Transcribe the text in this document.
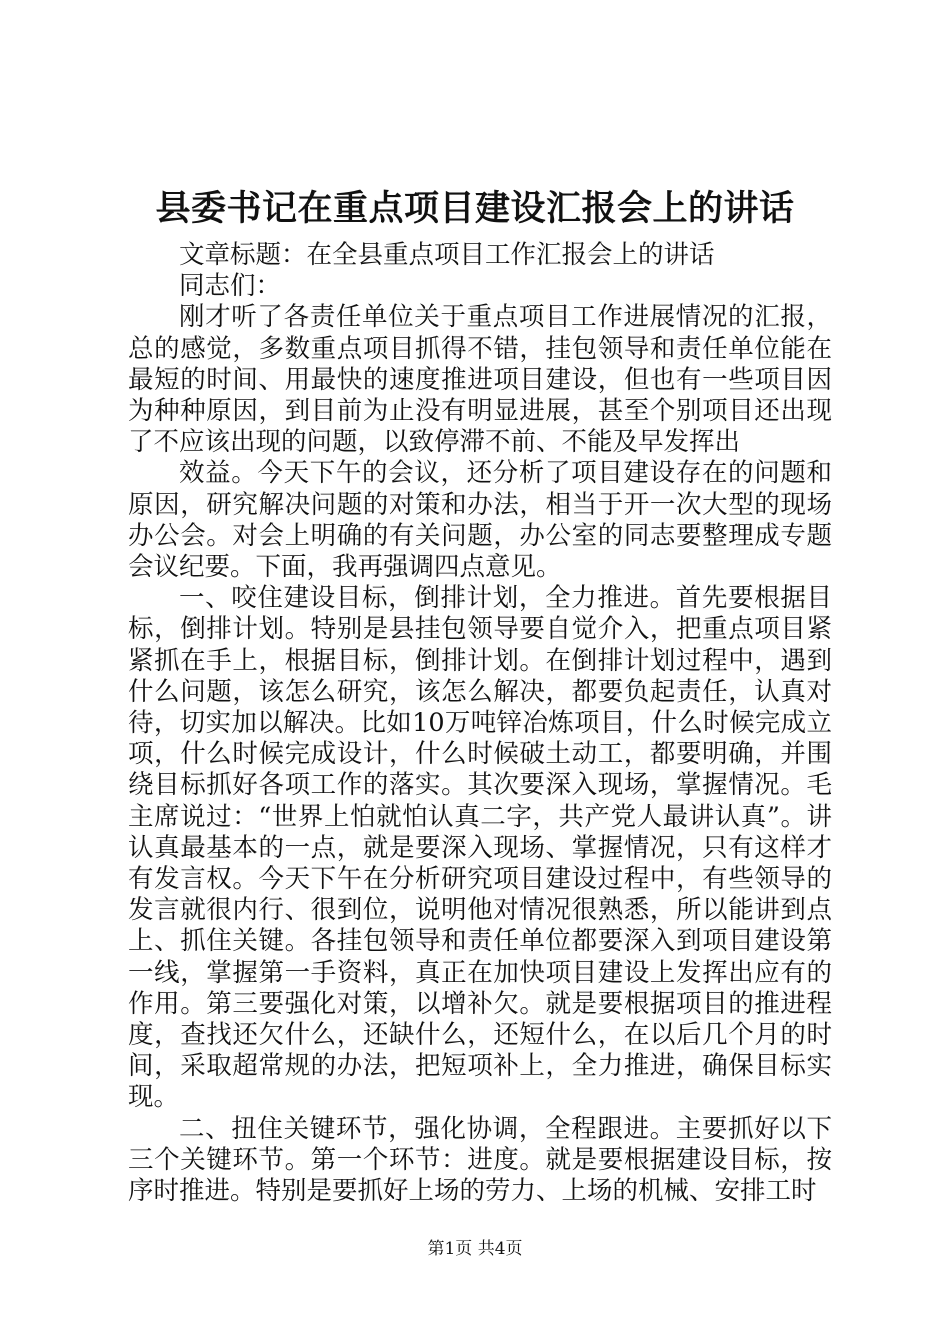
县委书记在重点项目建设汇报会上的讲话

文章标题：在全县重点项目工作汇报会上的讲话

同志们：

刚才听了各责任单位关于重点项目工作进展情况的汇报，总的感觉，多数重点项目抓得不错，挂包领导和责任单位能在最短的时间、用最快的速度推进项目建设，但也有一些项目因为种种原因，到目前为止没有明显进展，甚至个别项目还出现了不应该出现的问题，以致停滞不前、不能及早发挥出

效益。今天下午的会议，还分析了项目建设存在的问题和原因，研究解决问题的对策和办法，相当于开一次大型的现场办公会。对会上明确的有关问题，办公室的同志要整理成专题会议纪要。下面，我再强调四点意见。

一、咬住建设目标，倒排计划，全力推进。首先要根据目标，倒排计划。特别是县挂包领导要自觉介入，把重点项目紧紧抓在手上，根据目标，倒排计划。在倒排计划过程中，遇到什么问题，该怎么研究，该怎么解决，都要负起责任，认真对待，切实加以解决。比如10万吨锌冶炼项目，什么时候完成立项，什么时候完成设计，什么时候破土动工，都要明确，并围绕目标抓好各项工作的落实。其次要深入现场，掌握情况。毛主席说过：“世界上怕就怕认真二字，共产党人最讲认真”。讲认真最基本的一点，就是要深入现场、掌握情况，只有这样才有发言权。今天下午在分析研究项目建设过程中，有些领导的发言就很内行、很到位，说明他对情况很熟悉，所以能讲到点上、抓住关键。各挂包领导和责任单位都要深入到项目建设第一线，掌握第一手资料，真正在加快项目建设上发挥出应有的作用。第三要强化对策，以增补欠。就是要根据项目的推进程度，查找还欠什么，还缺什么，还短什么，在以后几个月的时间，采取超常规的办法，把短项补上，全力推进，确保目标实现。

二、扭住关键环节，强化协调，全程跟进。主要抓好以下三个关键环节。第一个环节：进度。就是要根据建设目标，按序时推进。特别是要抓好上场的劳力、上场的机械、安排工时

第1页 共4页
